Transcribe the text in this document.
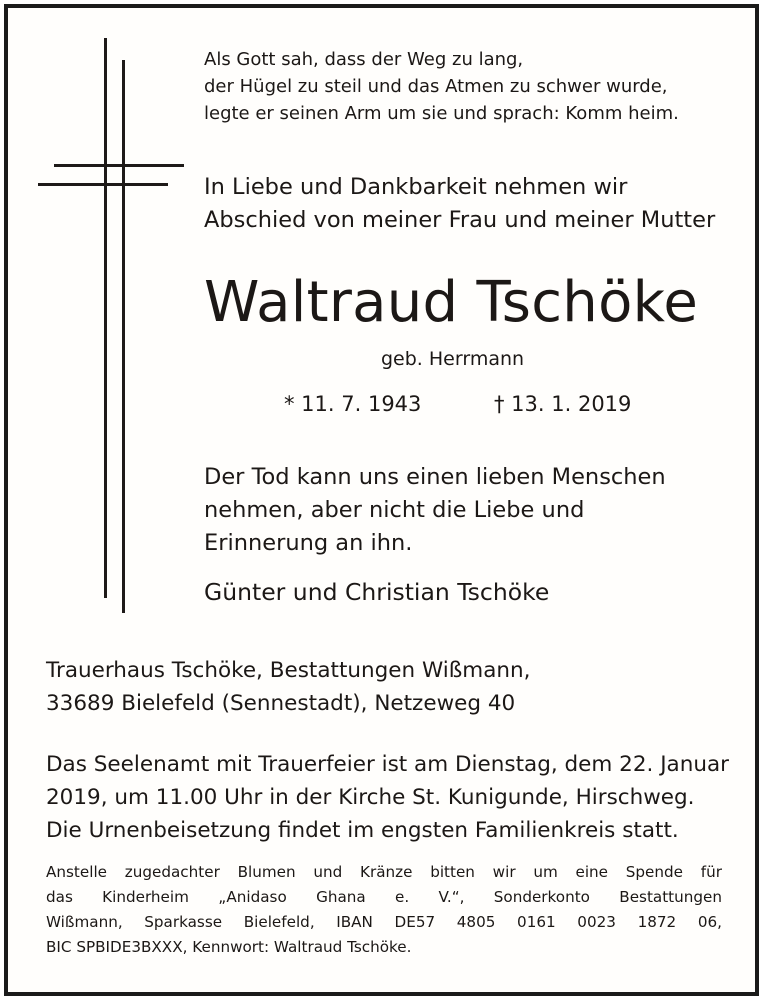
Als Gott sah, dass der Weg zu lang,
der Hügel zu steil und das Atmen zu schwer wurde,
legte er seinen Arm um sie und sprach: Komm heim.
In Liebe und Dankbarkeit nehmen wir
Abschied von meiner Frau und meiner Mutter
Waltraud Tschöke
geb. Herrmann
* 11. 7. 1943	† 13. 1. 2019
Der Tod kann uns einen lieben Menschen
nehmen, aber nicht die Liebe und
Erinnerung an ihn.
Günter und Christian Tschöke
Trauerhaus Tschöke, Bestattungen Wißmann,
33689 Bielefeld (Sennestadt), Netzeweg 40
Das Seelenamt mit Trauerfeier ist am Dienstag, dem 22. Januar
2019, um 11.00 Uhr in der Kirche St. Kunigunde, Hirschweg.
Die Urnenbeisetzung findet im engsten Familienkreis statt.
Anstelle zugedachter Blumen und Kränze bitten wir um eine Spende für
das Kinderheim „Anidaso Ghana e. V.“, Sonderkonto Bestattungen
Wißmann, Sparkasse Bielefeld, IBAN DE57 4805 0161 0023 1872 06,
BIC SPBIDE3BXXX, Kennwort: Waltraud Tschöke.
